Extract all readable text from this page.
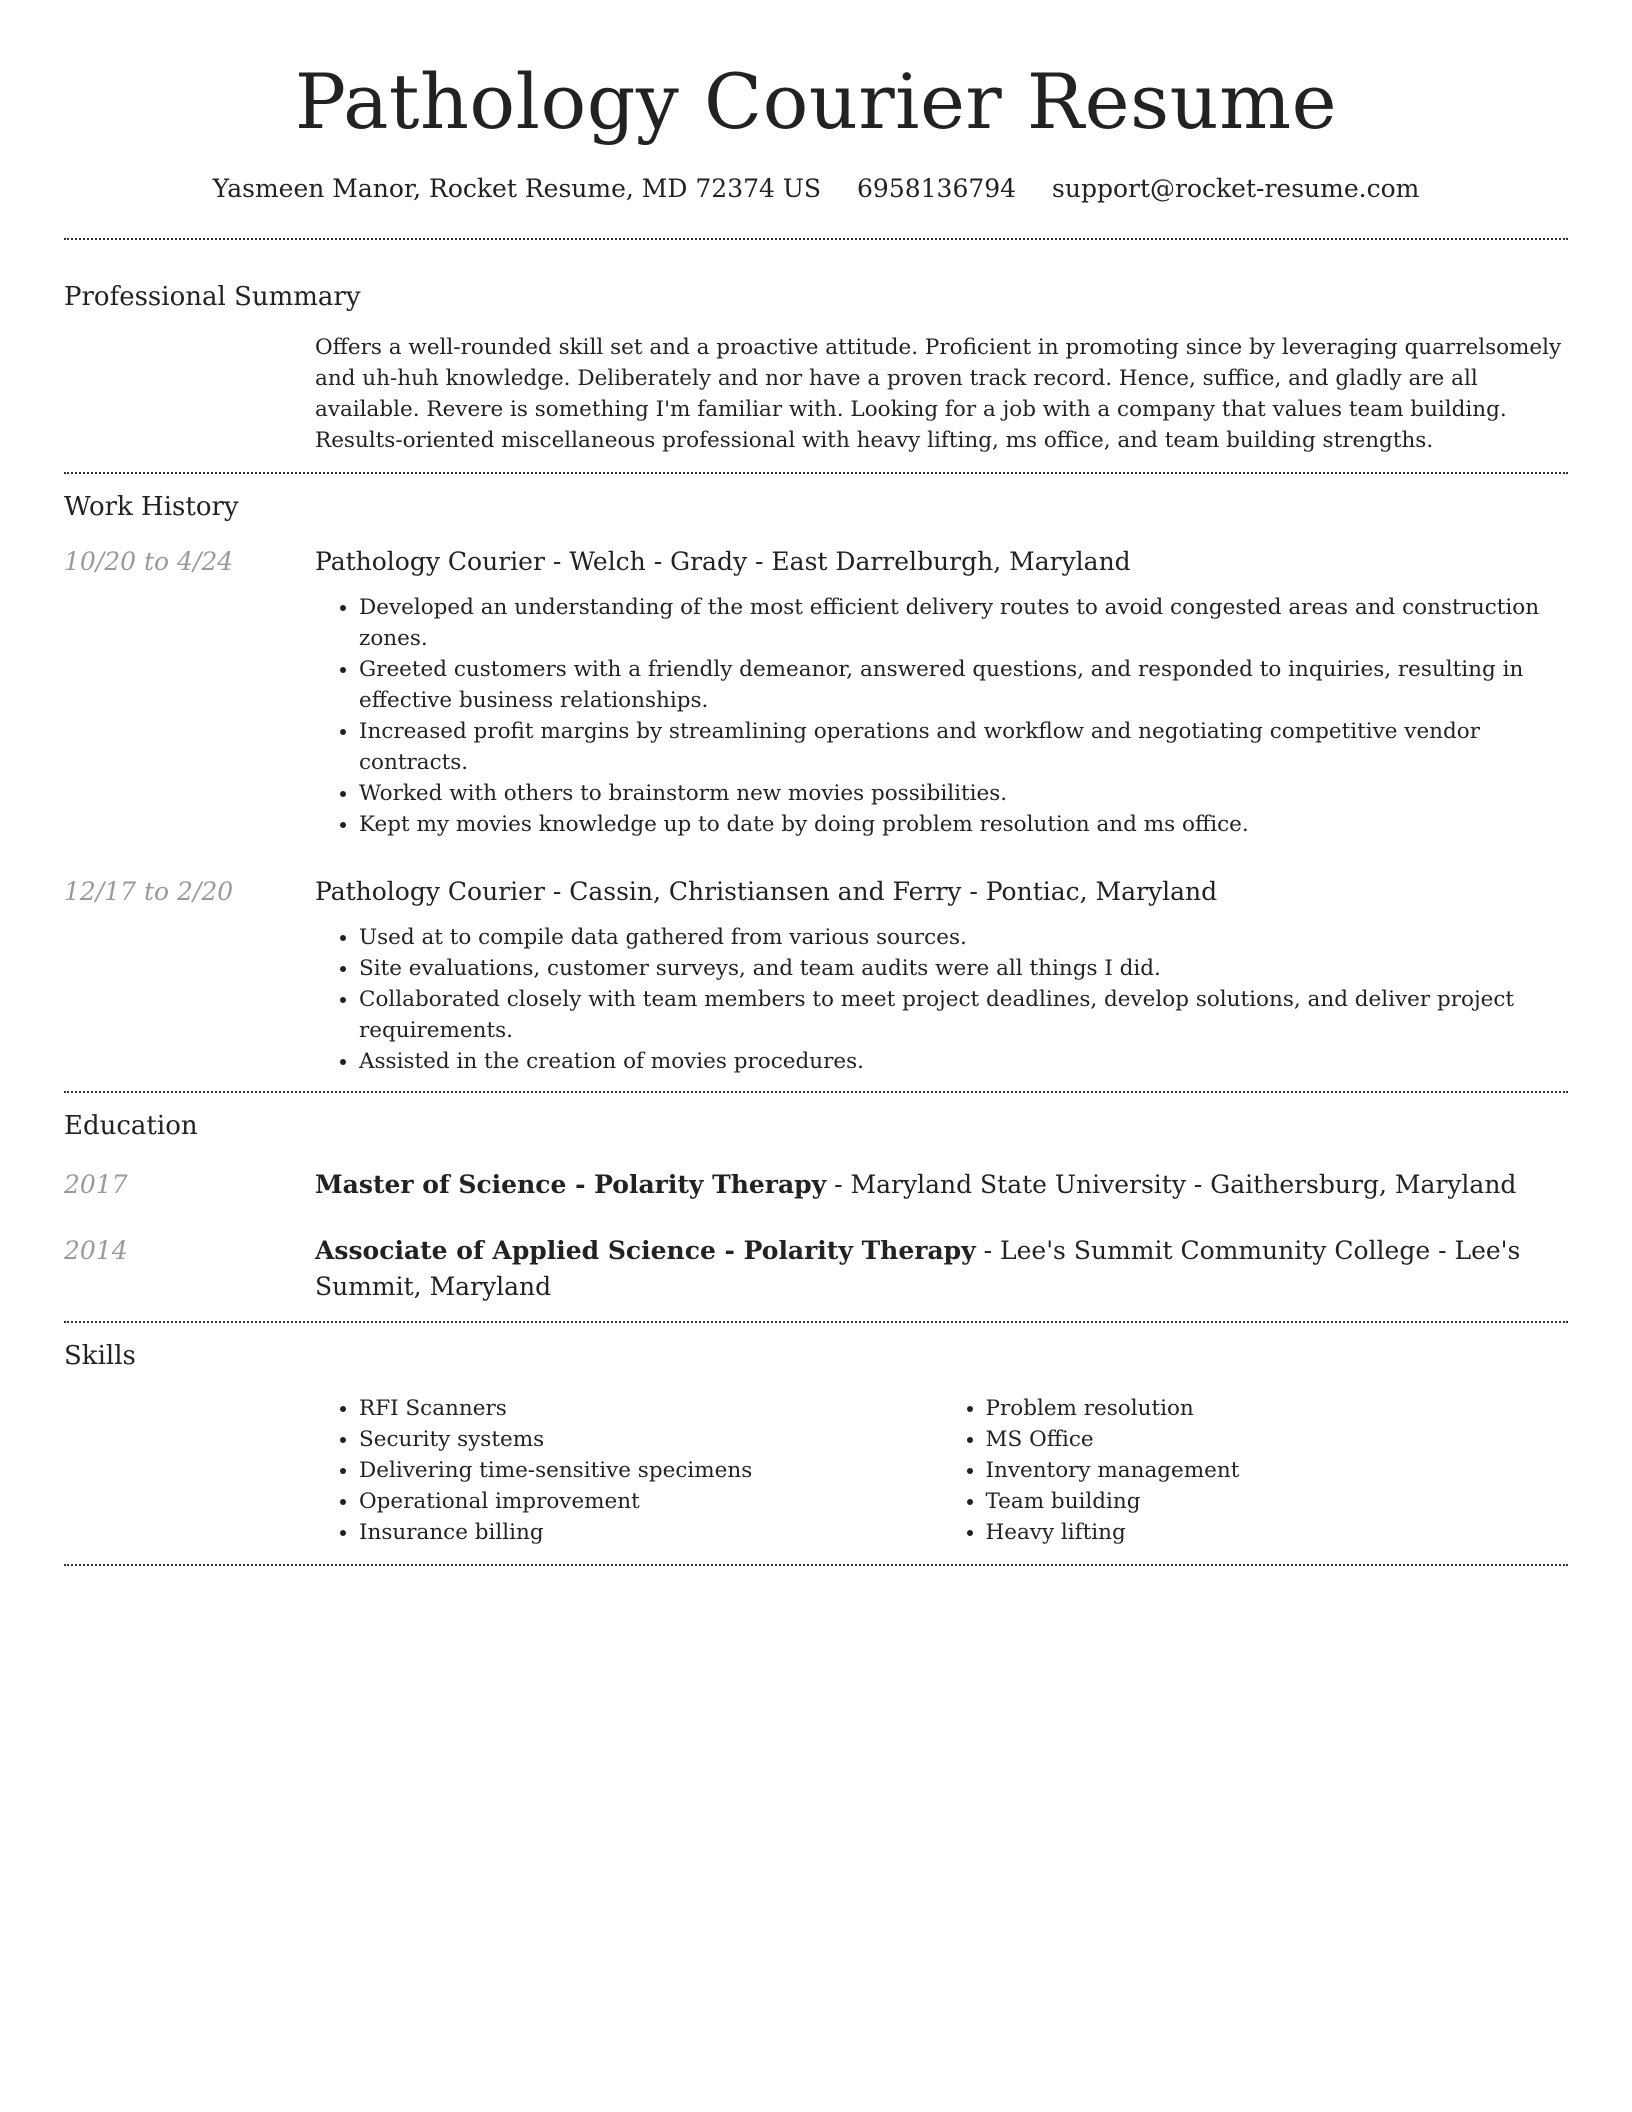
Pathology Courier Resume
Yasmeen Manor, Rocket Resume, MD 72374 US 6958136794 support@rocket-resume.com
Professional Summary

Offers a well-rounded skill set and a proactive attitude. Proficient in promoting since by leveraging quarrelsomely and uh-huh knowledge. Deliberately and nor have a proven track record. Hence, suffice, and gladly are all available. Revere is something I'm familiar with. Looking for a job with a company that values team building. Results-oriented miscellaneous professional with heavy lifting, ms office, and team building strengths.

Work History
10/20 to 4/24	Pathology Courier - Welch - Grady - East Darrelburgh, Maryland
• Developed an understanding of the most efficient delivery routes to avoid congested areas and construction zones.
• Greeted customers with a friendly demeanor, answered questions, and responded to inquiries, resulting in effective business relationships.
• Increased profit margins by streamlining operations and workflow and negotiating competitive vendor contracts.
• Worked with others to brainstorm new movies possibilities.
• Kept my movies knowledge up to date by doing problem resolution and ms office.
12/17 to 2/20	Pathology Courier - Cassin, Christiansen and Ferry - Pontiac, Maryland
• Used at to compile data gathered from various sources.
• Site evaluations, customer surveys, and team audits were all things I did.
• Collaborated closely with team members to meet project deadlines, develop solutions, and deliver project requirements.
• Assisted in the creation of movies procedures.
Education
2017	Master of Science - Polarity Therapy - Maryland State University - Gaithersburg, Maryland
2014	Associate of Applied Science - Polarity Therapy - Lee's Summit Community College - Lee's Summit, Maryland
Skills
• RFI Scanners
• Security systems
• Delivering time-sensitive specimens
• Operational improvement
• Insurance billing
• Problem resolution
• MS Office
• Inventory management
• Team building
• Heavy lifting
